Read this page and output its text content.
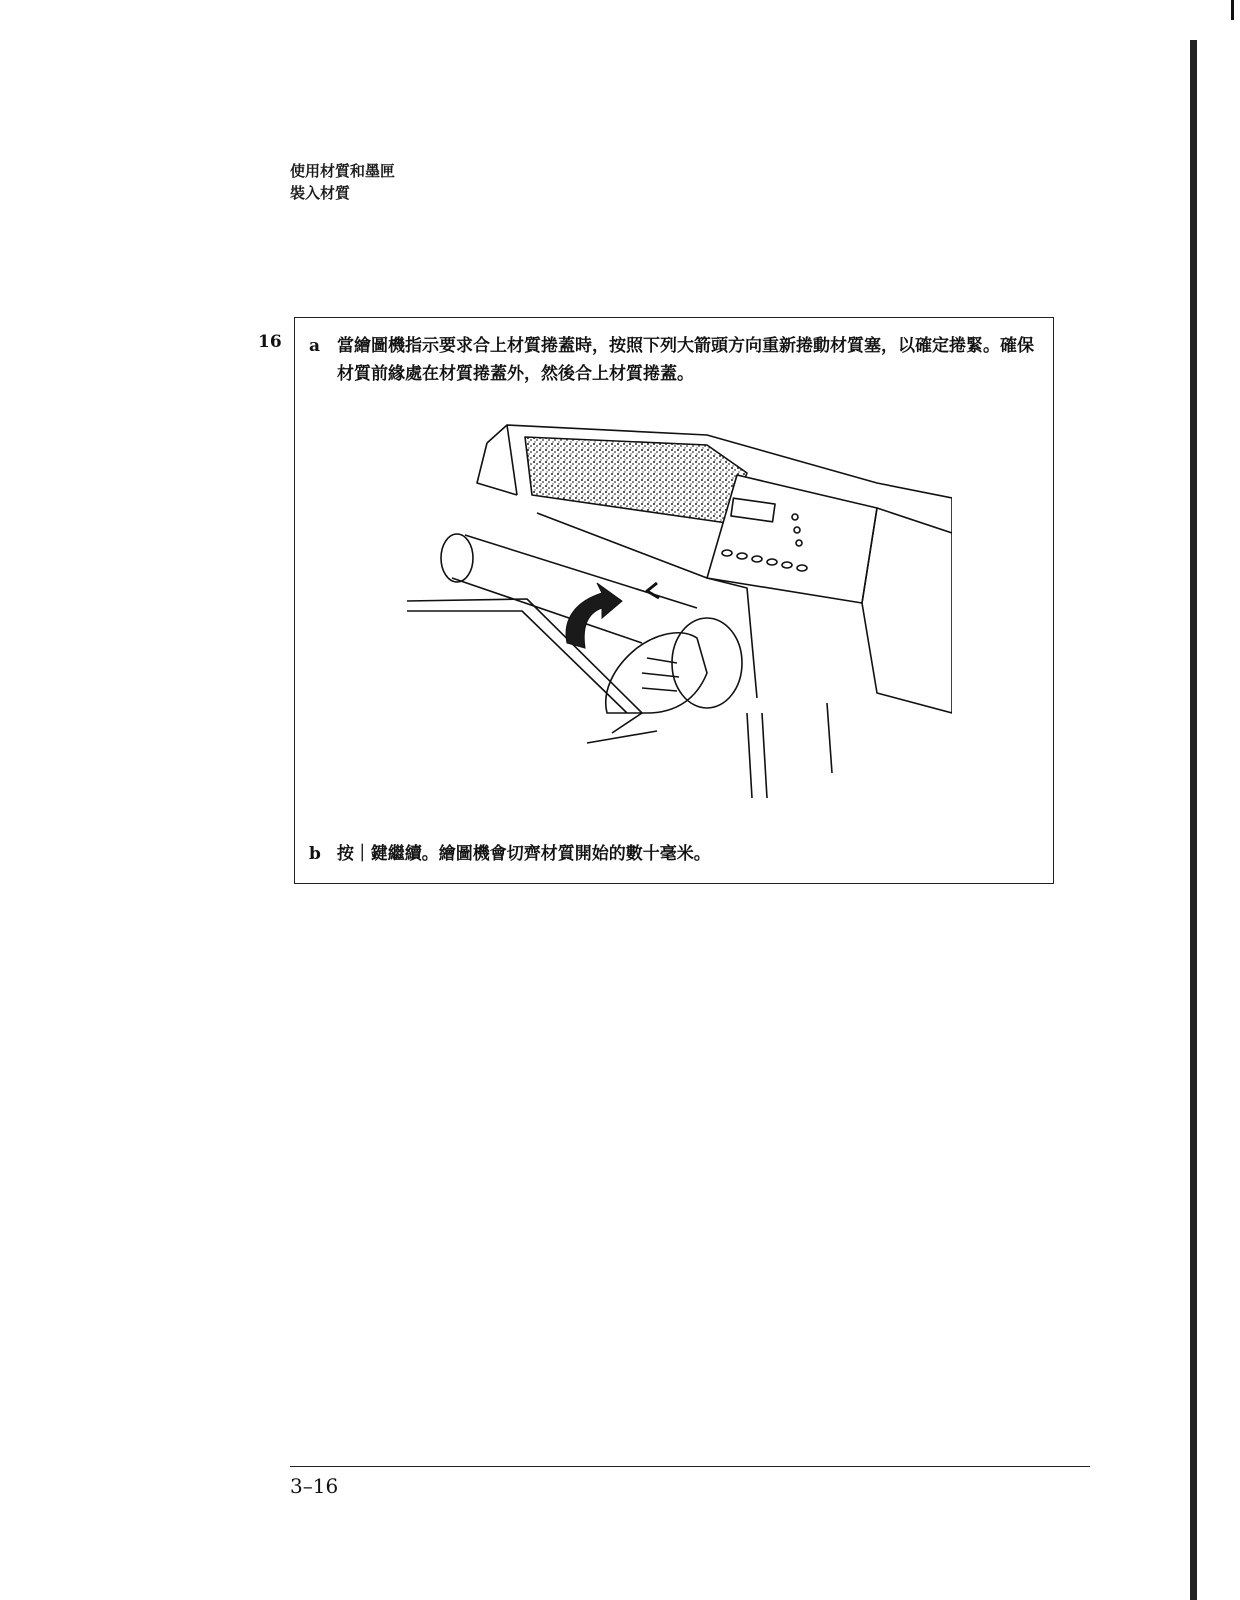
使用材質和墨匣
裝入材質
16 a 當繪圖機指示要求合上材質捲蓋時，按照下列大箭頭方向重新捲動材質塞，以確定捲緊。確保材質前緣處在材質捲蓋外，然後合上材質捲蓋。
b 按｜鍵繼續。繪圖機會切齊材質開始的數十毫米。
3–16
